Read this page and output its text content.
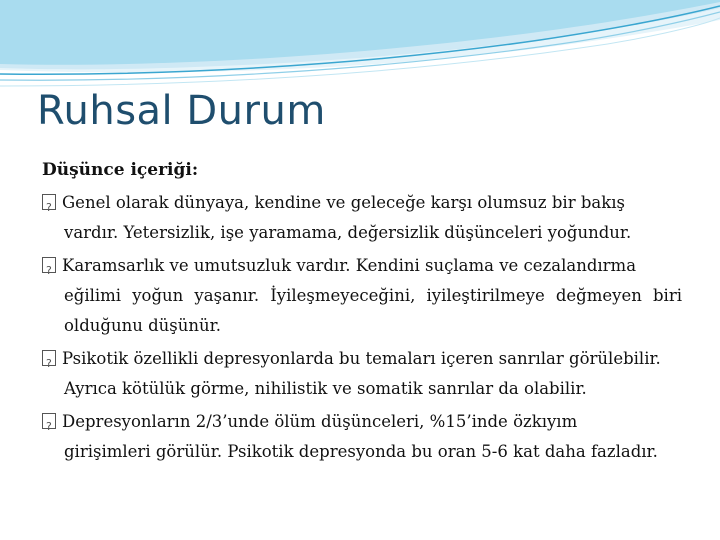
Ruhsal Durum
Düşünce içeriği:
?Genel olarak dünyaya, kendine ve geleceğe karşı olumsuz bir bakış
vardır. Yetersizlik, işe yaramama, değersizlik düşünceleri yoğundur.
?Karamsarlık ve umutsuzluk vardır. Kendini suçlama ve cezalandırma
eğilimi yoğun yaşanır. İyileşmeyeceğini, iyileştirilmeye değmeyen biri olduğunu düşünür.
?Psikotik özellikli depresyonlarda bu temaları içeren sanrılar görülebilir.
Ayrıca kötülük görme, nihilistik ve somatik sanrılar da olabilir.
?Depresyonların 2/3’unde ölüm düşünceleri, %15’inde özkıyım
girişimleri görülür. Psikotik depresyonda bu oran 5-6 kat daha fazladır.
